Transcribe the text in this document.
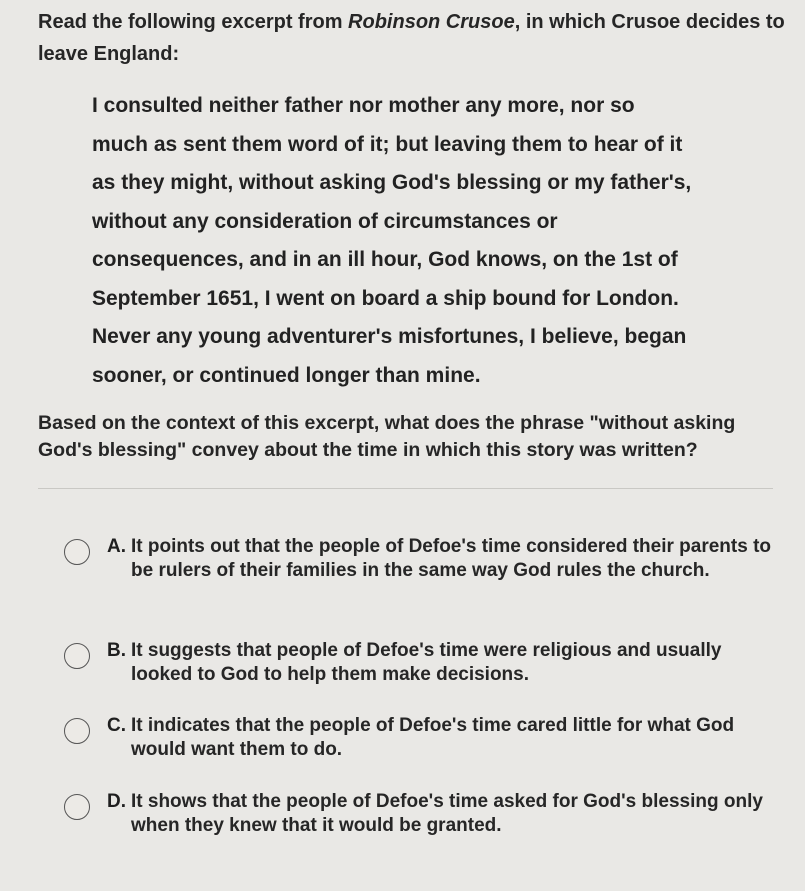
Read the following excerpt from Robinson Crusoe, in which Crusoe decides to leave England:
I consulted neither father nor mother any more, nor so
much as sent them word of it; but leaving them to hear of it
as they might, without asking God's blessing or my father's,
without any consideration of circumstances or
consequences, and in an ill hour, God knows, on the 1st of
September 1651, I went on board a ship bound for London.
Never any young adventurer's misfortunes, I believe, began
sooner, or continued longer than mine.
Based on the context of this excerpt, what does the phrase "without asking God's blessing" convey about the time in which this story was written?
A. It points out that the people of Defoe's time considered their parents to be rulers of their families in the same way God rules the church.
B. It suggests that people of Defoe's time were religious and usually looked to God to help them make decisions.
C. It indicates that the people of Defoe's time cared little for what God would want them to do.
D. It shows that the people of Defoe's time asked for God's blessing only when they knew that it would be granted.
